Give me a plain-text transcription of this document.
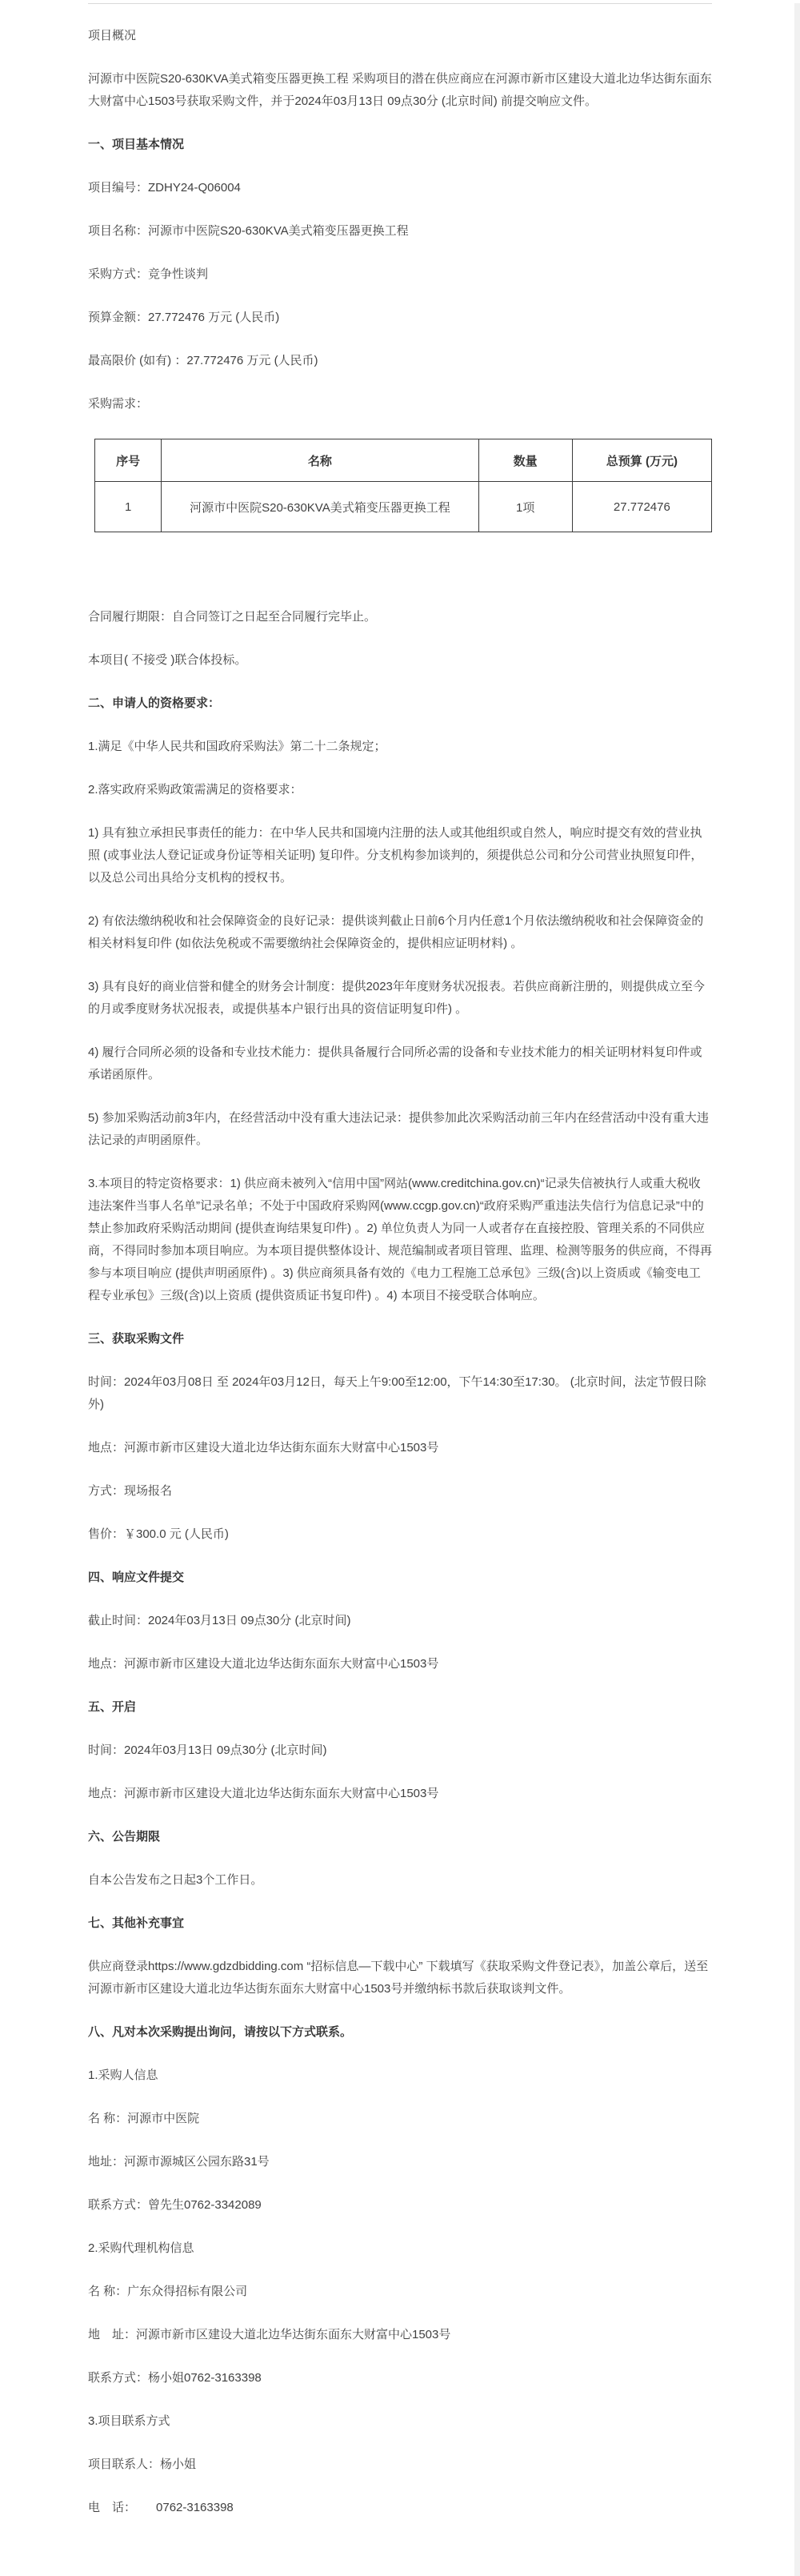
项目概况

河源市中医院S20-630KVA美式箱变压器更换工程 采购项目的潜在供应商应在河源市新市区建设大道北边华达街东面东大财富中心1503号获取采购文件，并于2024年03月13日 09点30分 (北京时间) 前提交响应文件。

一、项目基本情况

项目编号：ZDHY24-Q06004

项目名称：河源市中医院S20-630KVA美式箱变压器更换工程

采购方式：竞争性谈判

预算金额：27.772476 万元 (人民币)

最高限价 (如有) ：27.772476 万元 (人民币)

采购需求：

序号	名称	数量	总预算 (万元)
1	河源市中医院S20-630KVA美式箱变压器更换工程	1项	27.772476

合同履行期限：自合同签订之日起至合同履行完毕止。

本项目( 不接受 )联合体投标。

二、申请人的资格要求：

1.满足《中华人民共和国政府采购法》第二十二条规定；

2.落实政府采购政策需满足的资格要求：

1) 具有独立承担民事责任的能力：在中华人民共和国境内注册的法人或其他组织或自然人，响应时提交有效的营业执照 (或事业法人登记证或身份证等相关证明) 复印件。分支机构参加谈判的，须提供总公司和分公司营业执照复印件，以及总公司出具给分支机构的授权书。

2) 有依法缴纳税收和社会保障资金的良好记录：提供谈判截止日前6个月内任意1个月依法缴纳税收和社会保障资金的相关材料复印件 (如依法免税或不需要缴纳社会保障资金的，提供相应证明材料) 。

3) 具有良好的商业信誉和健全的财务会计制度：提供2023年年度财务状况报表。若供应商新注册的，则提供成立至今的月或季度财务状况报表，或提供基本户银行出具的资信证明复印件) 。

4) 履行合同所必须的设备和专业技术能力：提供具备履行合同所必需的设备和专业技术能力的相关证明材料复印件或承诺函原件。

5) 参加采购活动前3年内，在经营活动中没有重大违法记录：提供参加此次采购活动前三年内在经营活动中没有重大违法记录的声明函原件。

3.本项目的特定资格要求：1) 供应商未被列入“信用中国”网站(www.creditchina.gov.cn)“记录失信被执行人或重大税收违法案件当事人名单”记录名单；不处于中国政府采购网(www.ccgp.gov.cn)“政府采购严重违法失信行为信息记录”中的禁止参加政府采购活动期间 (提供查询结果复印件) 。2) 单位负责人为同一人或者存在直接控股、管理关系的不同供应商，不得同时参加本项目响应。为本项目提供整体设计、规范编制或者项目管理、监理、检测等服务的供应商，不得再参与本项目响应 (提供声明函原件) 。3) 供应商须具备有效的《电力工程施工总承包》三级(含)以上资质或《输变电工程专业承包》三级(含)以上资质 (提供资质证书复印件) 。4) 本项目不接受联合体响应。

三、获取采购文件

时间：2024年03月08日 至 2024年03月12日，每天上午9:00至12:00，下午14:30至17:30。 (北京时间，法定节假日除外)

地点：河源市新市区建设大道北边华达街东面东大财富中心1503号

方式：现场报名

售价：￥300.0 元 (人民币)

四、响应文件提交

截止时间：2024年03月13日 09点30分 (北京时间)

地点：河源市新市区建设大道北边华达街东面东大财富中心1503号

五、开启

时间：2024年03月13日 09点30分 (北京时间)

地点：河源市新市区建设大道北边华达街东面东大财富中心1503号

六、公告期限

自本公告发布之日起3个工作日。

七、其他补充事宜

供应商登录https://www.gdzdbidding.com “招标信息—下载中心” 下载填写《获取采购文件登记表》，加盖公章后，送至河源市新市区建设大道北边华达街东面东大财富中心1503号并缴纳标书款后获取谈判文件。

八、凡对本次采购提出询问，请按以下方式联系。

1.采购人信息

名 称：河源市中医院

地址：河源市源城区公园东路31号

联系方式：曾先生0762-3342089

2.采购代理机构信息

名 称：广东众得招标有限公司

地　址：河源市新市区建设大道北边华达街东面东大财富中心1503号

联系方式：杨小姐0762-3163398

3.项目联系方式

项目联系人：杨小姐

电　话：      0762-3163398
